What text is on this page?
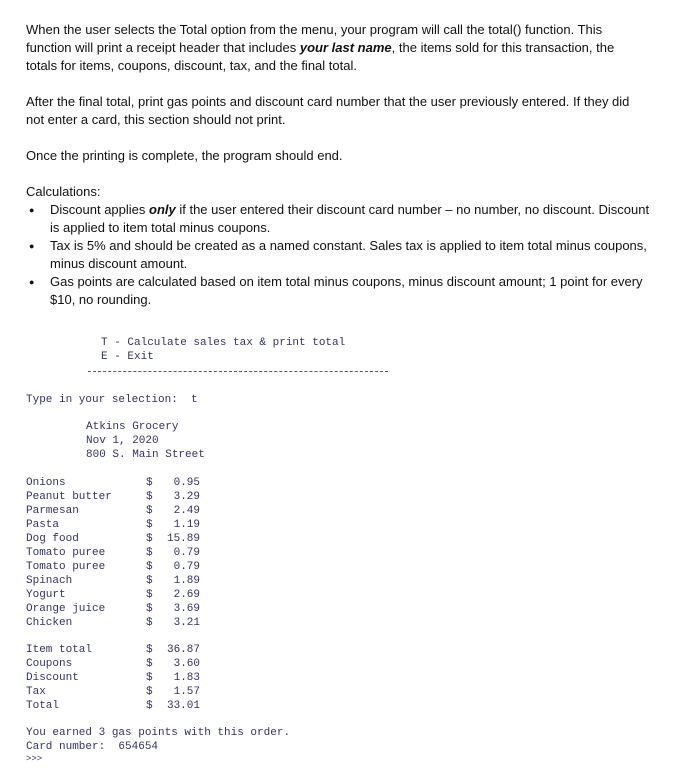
When the user selects the Total option from the menu, your program will call the total() function. This function will print a receipt header that includes your last name, the items sold for this transaction, the totals for items, coupons, discount, tax, and the final total.
After the final total, print gas points and discount card number that the user previously entered. If they did not enter a card, this section should not print.
Once the printing is complete, the program should end.
Calculations:
● Discount applies only if the user entered their discount card number – no number, no discount. Discount is applied to item total minus coupons.
● Tax is 5% and should be created as a named constant. Sales tax is applied to item total minus coupons, minus discount amount.
● Gas points are calculated based on item total minus coupons, minus discount amount; 1 point for every $10, no rounding.
T - Calculate sales tax & print total
E - Exit
Type in your selection: t
Atkins Grocery
Nov 1, 2020
800 S. Main Street
Onions	$	0.95
Peanut butter	$	3.29
Parmesan	$	2.49
Pasta	$	1.19
Dog food	$	15.89
Tomato puree	$	0.79
Tomato puree	$	0.79
Spinach	$	1.89
Yogurt	$	2.69
Orange juice	$	3.69
Chicken	$	3.21
Item total	$	36.87
Coupons	$	3.60
Discount	$	1.83
Tax	$	1.57
Total	$	33.01
You earned 3 gas points with this order.
Card number: 654654
>>>
